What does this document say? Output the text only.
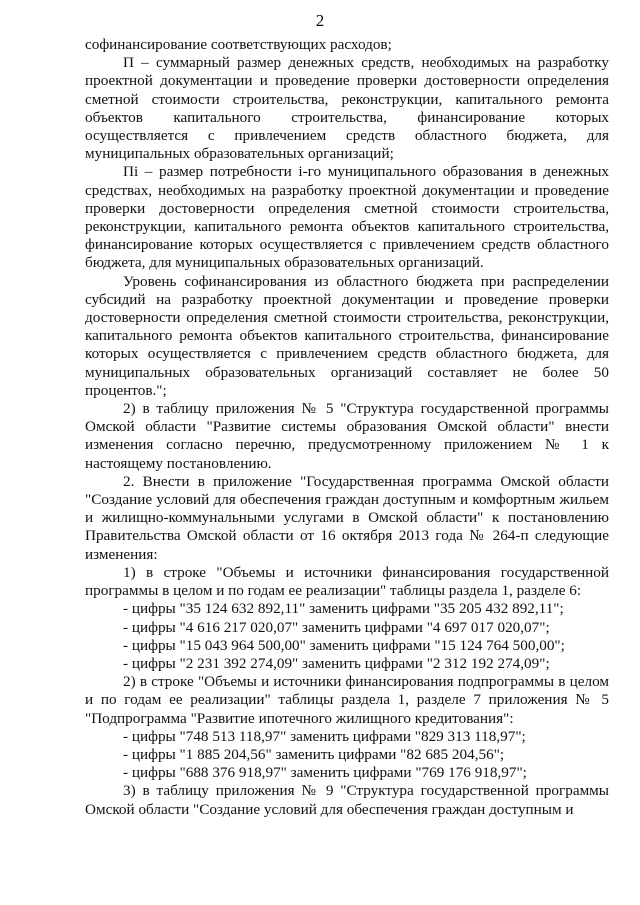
2

софинансирование соответствующих расходов;

П – суммарный размер денежных средств, необходимых на разработку проектной документации и проведение проверки достоверности определения сметной стоимости строительства, реконструкции, капитального ремонта объектов капитального строительства, финансирование которых осуществляется с привлечением средств областного бюджета, для муниципальных образовательных организаций;

Пi – размер потребности i-го муниципального образования в денежных средствах, необходимых на разработку проектной документации и проведение проверки достоверности определения сметной стоимости строительства, реконструкции, капитального ремонта объектов капитального строительства, финансирование которых осуществляется с привлечением средств областного бюджета, для муниципальных образовательных организаций.

Уровень софинансирования из областного бюджета при распределении субсидий на разработку проектной документации и проведение проверки достоверности определения сметной стоимости строительства, реконструкции, капитального ремонта объектов капитального строительства, финансирование которых осуществляется с привлечением средств областного бюджета, для муниципальных образовательных организаций составляет не более 50 процентов.";

2) в таблицу приложения № 5 "Структура государственной программы Омской области "Развитие системы образования Омской области" внести изменения согласно перечню, предусмотренному приложением № 1 к настоящему постановлению.

2. Внести в приложение "Государственная программа Омской области "Создание условий для обеспечения граждан доступным и комфортным жильем и жилищно-коммунальными услугами в Омской области" к постановлению Правительства Омской области от 16 октября 2013 года № 264-п следующие изменения:

1) в строке "Объемы и источники финансирования государственной программы в целом и по годам ее реализации" таблицы раздела 1, разделе 6:

- цифры "35 124 632 892,11" заменить цифрами "35 205 432 892,11";

- цифры "4 616 217 020,07" заменить цифрами "4 697 017 020,07";

- цифры "15 043 964 500,00" заменить цифрами "15 124 764 500,00";

- цифры "2 231 392 274,09" заменить цифрами "2 312 192 274,09";

2) в строке "Объемы и источники финансирования подпрограммы в целом и по годам ее реализации" таблицы раздела 1, разделе 7 приложения № 5 "Подпрограмма "Развитие ипотечного жилищного кредитования":

- цифры "748 513 118,97" заменить цифрами "829 313 118,97";

- цифры "1 885 204,56" заменить цифрами "82 685 204,56";

- цифры "688 376 918,97" заменить цифрами "769 176 918,97";

3) в таблицу приложения № 9 "Структура государственной программы Омской области "Создание условий для обеспечения граждан доступным и
